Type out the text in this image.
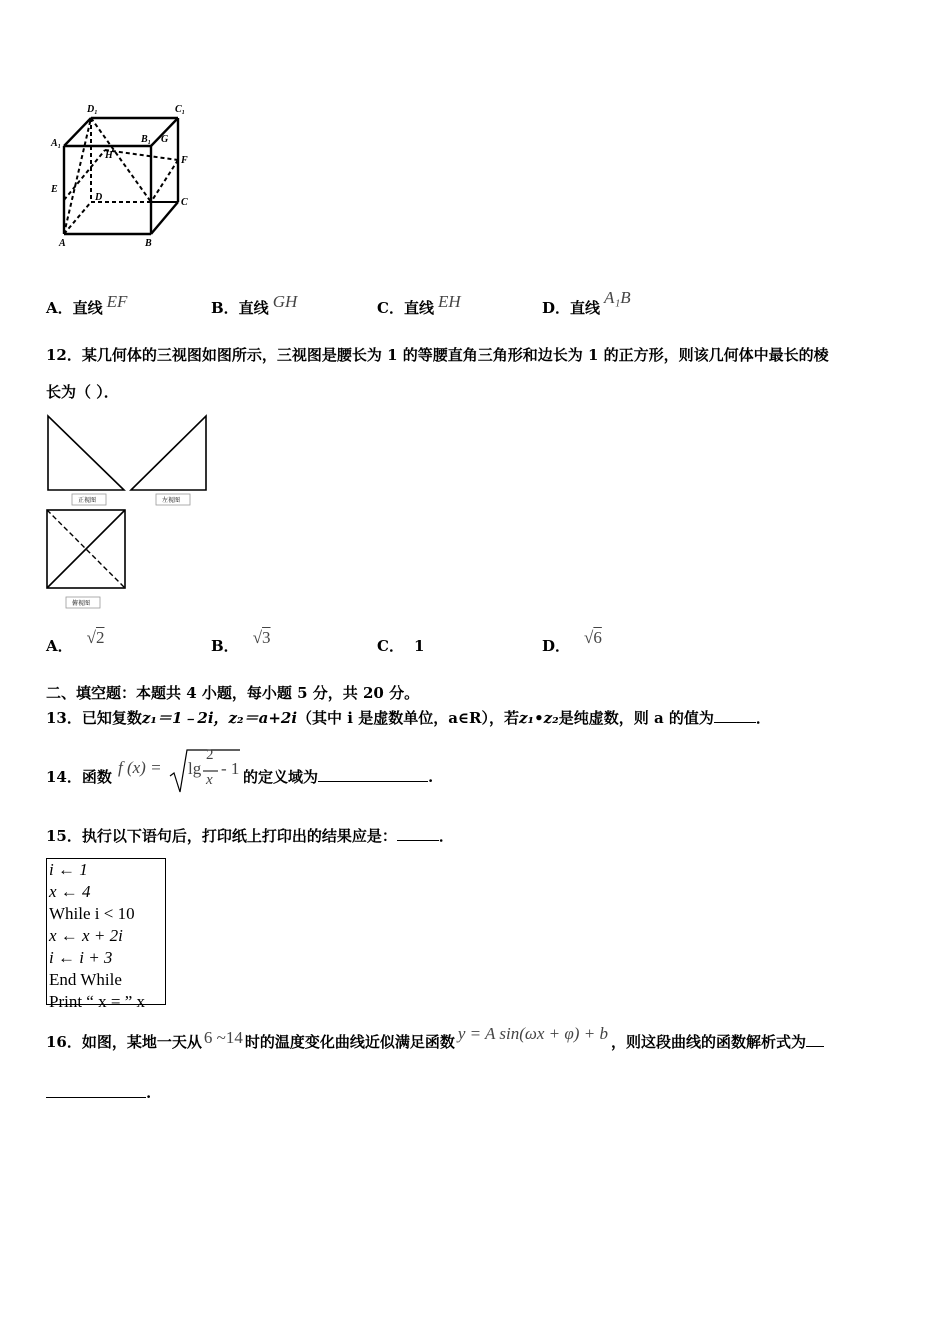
D₁	C₁
A₁	B₁ G
H	F
E
D	C
A	B
A．直线 EF	B．直线 GH	C．直线 EH	D．直线A₁B
12．某几何体的三视图如图所示，三视图是腰长为 1 的等腰直角三角形和边长为 1 的正方形，则该几何体中最长的棱
长为（ ）．
正视图	左视图
俯视图
A． √2	B． √3	C． 1	D． √6
二、填空题：本题共 4 小题，每小题 5 分，共 20 分。
13．已知复数z₁＝1﹣2i，z₂＝a+2i（其中 i 是虚数单位，a∈R），若z₁•z₂是纯虚数，则 a 的值为	．
14．函数 f (x) = lg
2
x
- 1 的定义域为	.
15．执行以下语句后，打印纸上打印出的结果应是：	．
i ← 1
x ← 4
While i < 10
x ← x + 2i
i ← i + 3
End While
Print “ x = ” x
16．如图，某地一天从 6 ~14 时的温度变化曲线近似满足函数 y = A sin(ωx + φ) + b ，则这段曲线的函数解析式为
.
